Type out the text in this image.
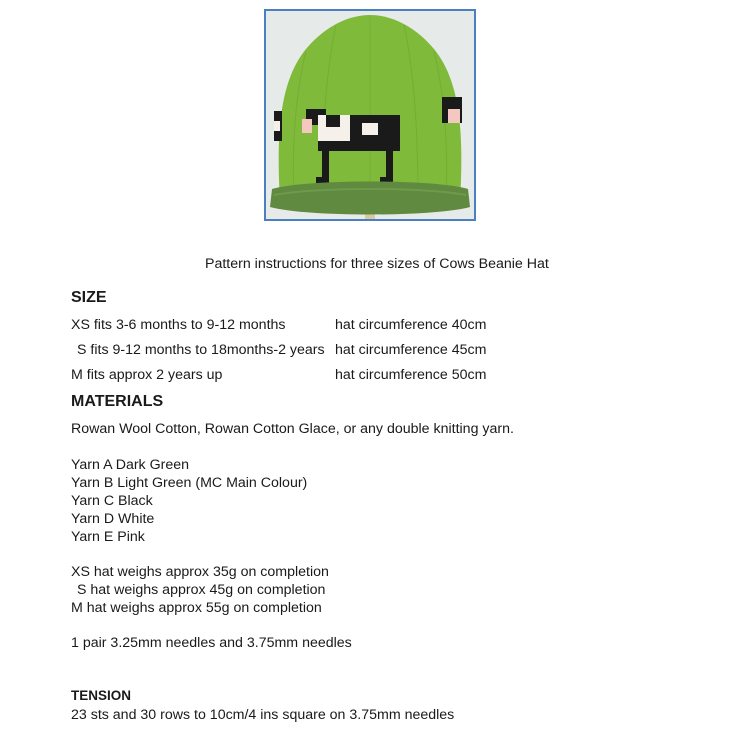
Pattern instructions for three sizes of Cows Beanie Hat
SIZE
XS fits 3-6 months to 9-12 months	hat circumference 40cm
S fits 9-12 months to 18months-2 years hat circumference 45cm
M fits approx 2 years up	hat circumference 50cm
MATERIALS
Rowan Wool Cotton, Rowan Cotton Glace, or any double knitting yarn.
Yarn A Dark Green
Yarn B Light Green (MC Main Colour)
Yarn C Black
Yarn D White
Yarn E Pink
XS hat weighs approx 35g on completion
S hat weighs approx 45g on completion
M hat weighs approx 55g on completion
1 pair 3.25mm needles and 3.75mm needles
TENSION
23 sts and 30 rows to 10cm/4 ins square on 3.75mm needles
